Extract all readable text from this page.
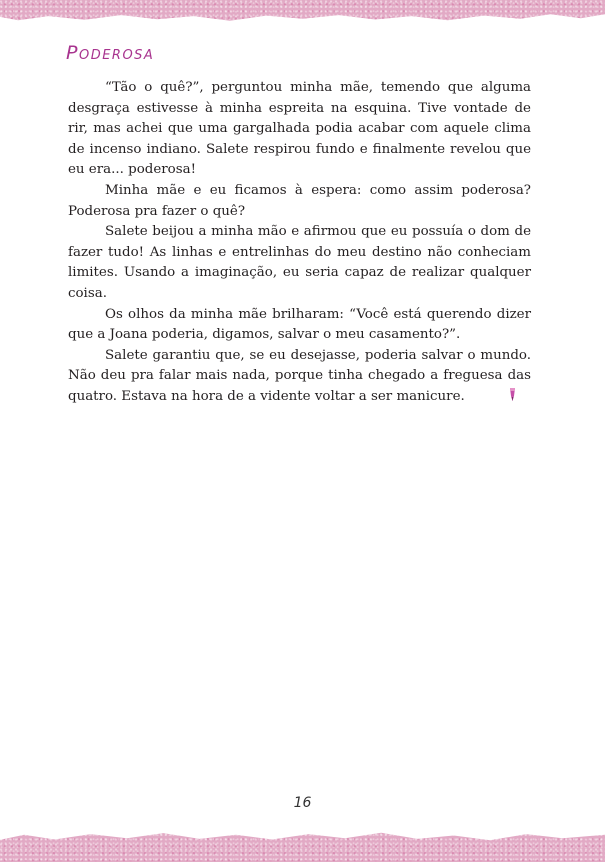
Poderosa

“Tão o quê?”, perguntou minha mãe, temendo que alguma desgraça estivesse à minha espreita na esquina. Tive vontade de rir, mas achei que uma gargalhada podia acabar com aquele clima de incenso indiano. Salete respirou fundo e finalmente revelou que eu era... poderosa!

Minha mãe e eu ficamos à espera: como assim poderosa? Poderosa pra fazer o quê?

Salete beijou a minha mão e afirmou que eu possuía o dom de fazer tudo! As linhas e entrelinhas do meu destino não conheciam limites. Usando a imaginação, eu seria capaz de realizar qualquer coisa.

Os olhos da minha mãe brilharam: “Você está querendo dizer que a Joana poderia, digamos, salvar o meu casamento?”.

Salete garantiu que, se eu desejasse, poderia salvar o mundo. Não deu pra falar mais nada, porque tinha chegado a freguesa das quatro. Estava na hora de a vidente voltar a ser manicure.

16
